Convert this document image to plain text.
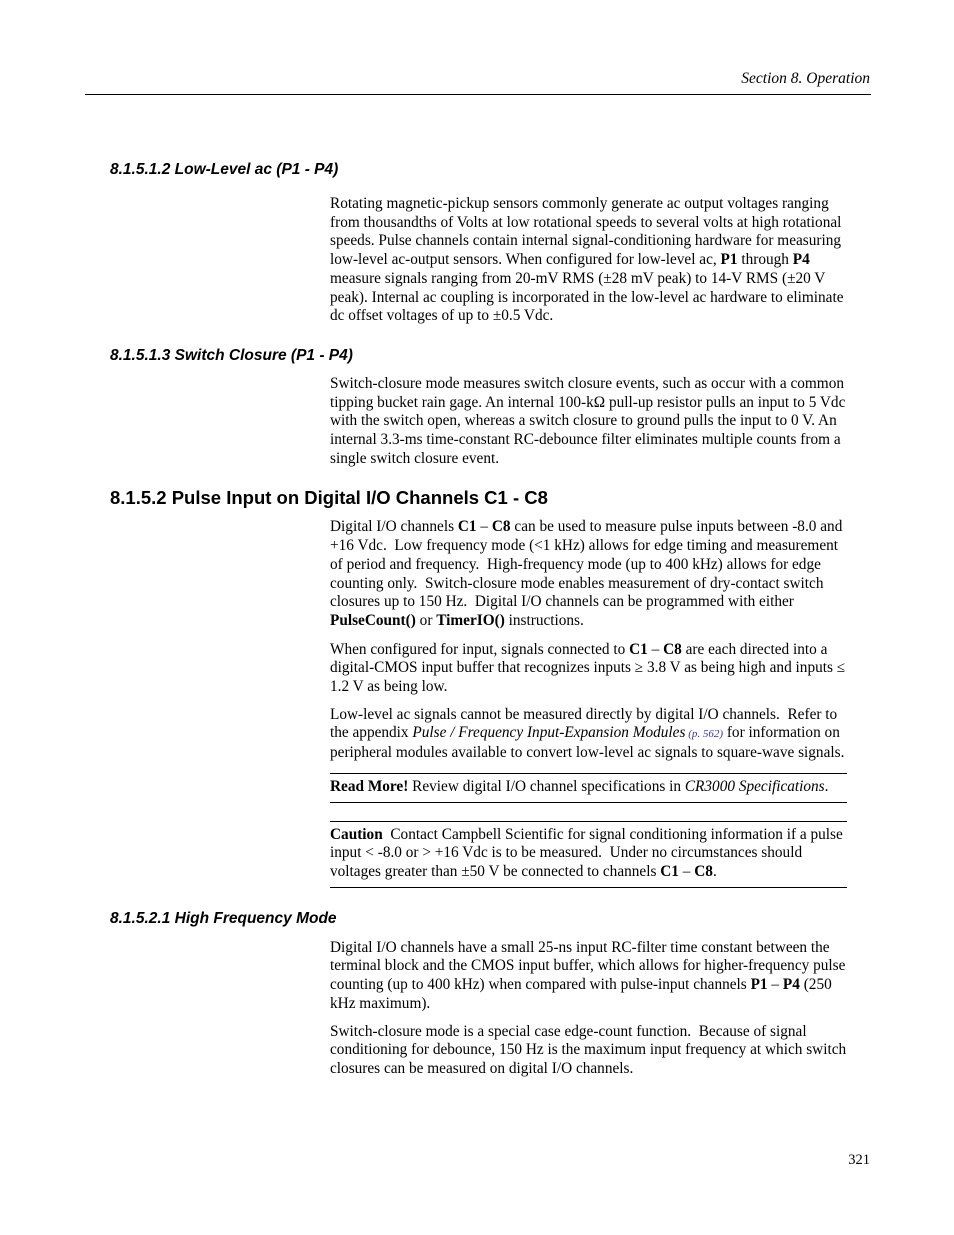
Section 8. Operation
8.1.5.1.2 Low-Level ac (P1 - P4)

Rotating magnetic-pickup sensors commonly generate ac output voltages ranging from thousandths of Volts at low rotational speeds to several volts at high rotational speeds. Pulse channels contain internal signal-conditioning hardware for measuring low-level ac-output sensors. When configured for low-level ac, P1 through P4 measure signals ranging from 20-mV RMS (±28 mV peak) to 14-V RMS (±20 V peak). Internal ac coupling is incorporated in the low-level ac hardware to eliminate dc offset voltages of up to ±0.5 Vdc.

8.1.5.1.3 Switch Closure (P1 - P4)

Switch-closure mode measures switch closure events, such as occur with a common tipping bucket rain gage. An internal 100-kΩ pull-up resistor pulls an input to 5 Vdc with the switch open, whereas a switch closure to ground pulls the input to 0 V. An internal 3.3-ms time-constant RC-debounce filter eliminates multiple counts from a single switch closure event.

8.1.5.2 Pulse Input on Digital I/O Channels C1 - C8

Digital I/O channels C1 – C8 can be used to measure pulse inputs between -8.0 and +16 Vdc.  Low frequency mode (<1 kHz) allows for edge timing and measurement of period and frequency.  High-frequency mode (up to 400 kHz) allows for edge counting only.  Switch-closure mode enables measurement of dry-contact switch closures up to 150 Hz.  Digital I/O channels can be programmed with either PulseCount() or TimerIO() instructions.

When configured for input, signals connected to C1 – C8 are each directed into a digital-CMOS input buffer that recognizes inputs ≥ 3.8 V as being high and inputs ≤ 1.2 V as being low.

Low-level ac signals cannot be measured directly by digital I/O channels.  Refer to the appendix Pulse / Frequency Input-Expansion Modules (p. 562) for information on peripheral modules available to convert low-level ac signals to square-wave signals.

Read More! Review digital I/O channel specifications in CR3000 Specifications.
Caution  Contact Campbell Scientific for signal conditioning information if a pulse input < -8.0 or > +16 Vdc is to be measured.  Under no circumstances should voltages greater than ±50 V be connected to channels C1 – C8.
8.1.5.2.1 High Frequency Mode

Digital I/O channels have a small 25-ns input RC-filter time constant between the terminal block and the CMOS input buffer, which allows for higher-frequency pulse counting (up to 400 kHz) when compared with pulse-input channels P1 – P4 (250 kHz maximum).

Switch-closure mode is a special case edge-count function.  Because of signal conditioning for debounce, 150 Hz is the maximum input frequency at which switch closures can be measured on digital I/O channels.

321
